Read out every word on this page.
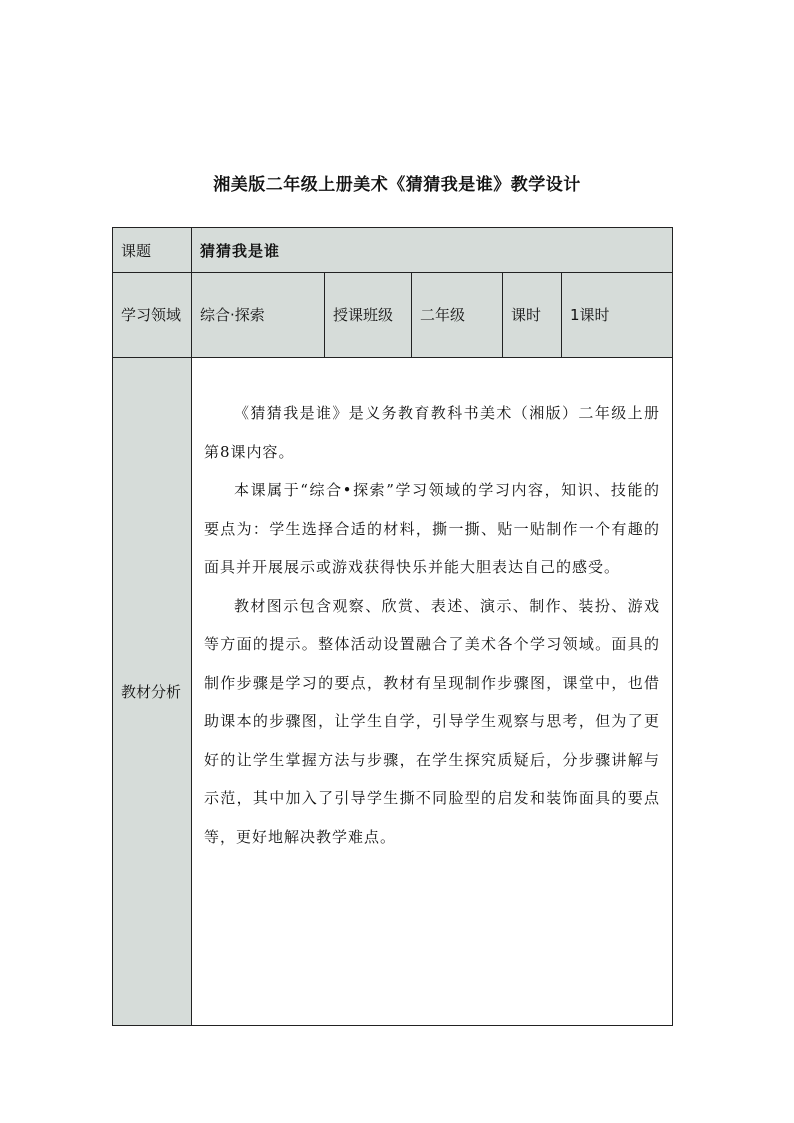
湘美版二年级上册美术《猜猜我是谁》教学设计
课题	猜猜我是谁				
学习领域	综合·探索	授课班级	二年级	课时	1课时
教材分析	《猜猜我是谁》是义务教育教科书美术（湘版）二年级上册第8课内容。

本课属于“综合•探索”学习领域的学习内容，知识、技能的要点为：学生选择合适的材料，撕一撕、贴一贴制作一个有趣的面具并开展展示或游戏获得快乐并能大胆表达自己的感受。

教材图示包含观察、欣赏、表述、演示、制作、装扮、游戏等方面的提示。整体活动设置融合了美术各个学习领域。面具的制作步骤是学习的要点，教材有呈现制作步骤图，课堂中，也借助课本的步骤图，让学生自学，引导学生观察与思考，但为了更好的让学生掌握方法与步骤，在学生探究质疑后，分步骤讲解与示范，其中加入了引导学生撕不同脸型的启发和装饰面具的要点等，更好地解决教学难点。				
